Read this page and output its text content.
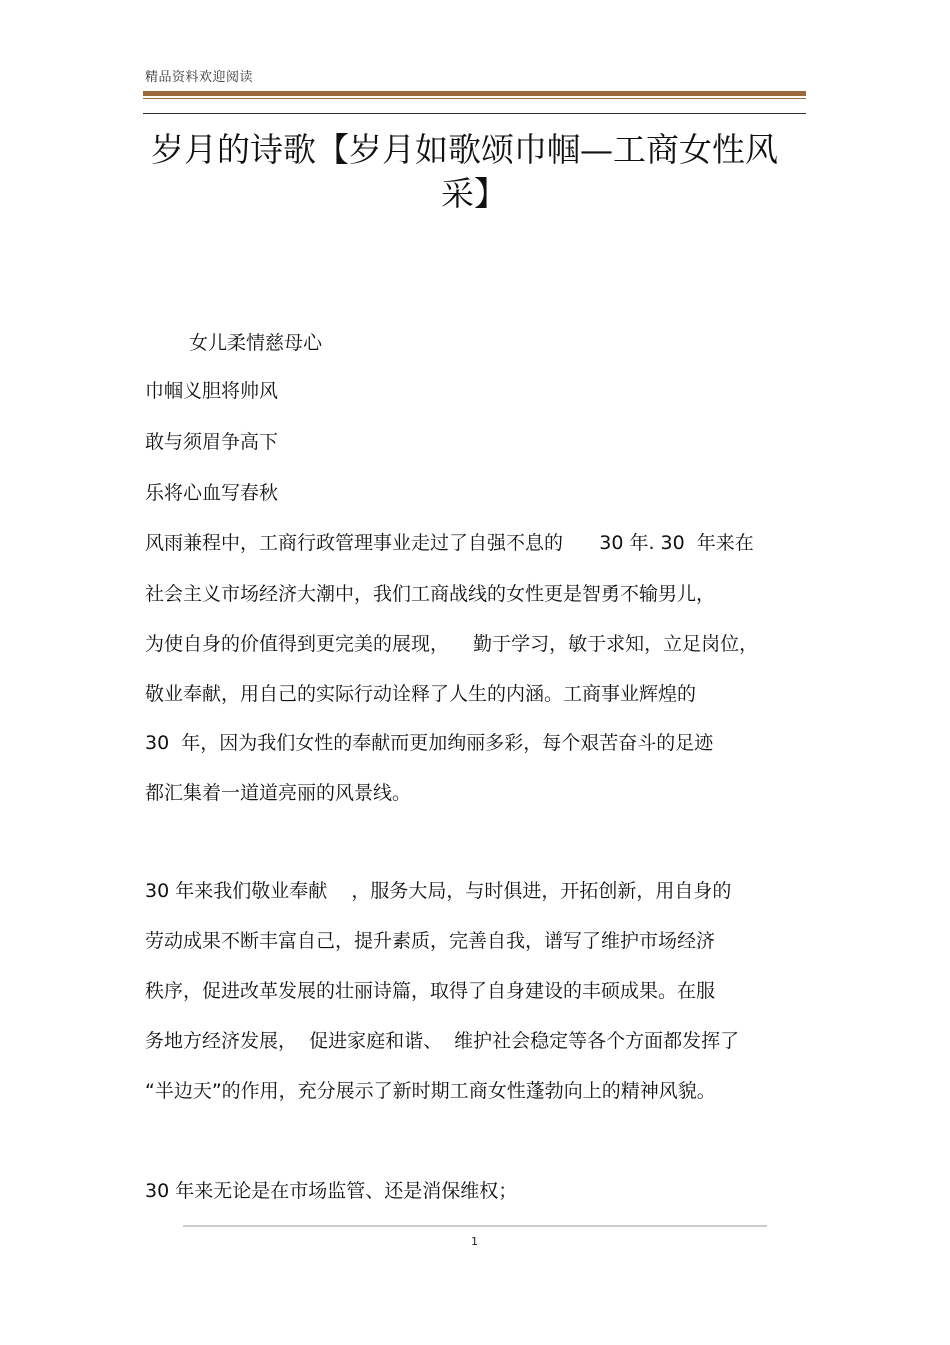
精品资料欢迎阅读
岁月的诗歌【岁月如歌颂巾帼—工商女性风
采】
女儿柔情慈母心
巾帼义胆将帅风
敢与须眉争高下
乐将心血写春秋
风雨兼程中，工商行政管理事业走过了自强不息的      30 年. 30  年来在
社会主义市场经济大潮中，我们工商战线的女性更是智勇不输男儿，
为使自身的价值得到更完美的展现，    勤于学习，敏于求知，立足岗位，
敬业奉献，用自己的实际行动诠释了人生的内涵。工商事业辉煌的
30  年，因为我们女性的奉献而更加绚丽多彩，每个艰苦奋斗的足迹
都汇集着一道道亮丽的风景线。
30 年来我们敬业奉献    ，服务大局，与时俱进，开拓创新，用自身的
劳动成果不断丰富自己，提升素质，完善自我，谱写了维护市场经济
秩序，促进改革发展的壮丽诗篇，取得了自身建设的丰硕成果。在服
务地方经济发展，  促进家庭和谐、  维护社会稳定等各个方面都发挥了
“半边天”的作用，充分展示了新时期工商女性蓬勃向上的精神风貌。
30 年来无论是在市场监管、还是消保维权；
1
